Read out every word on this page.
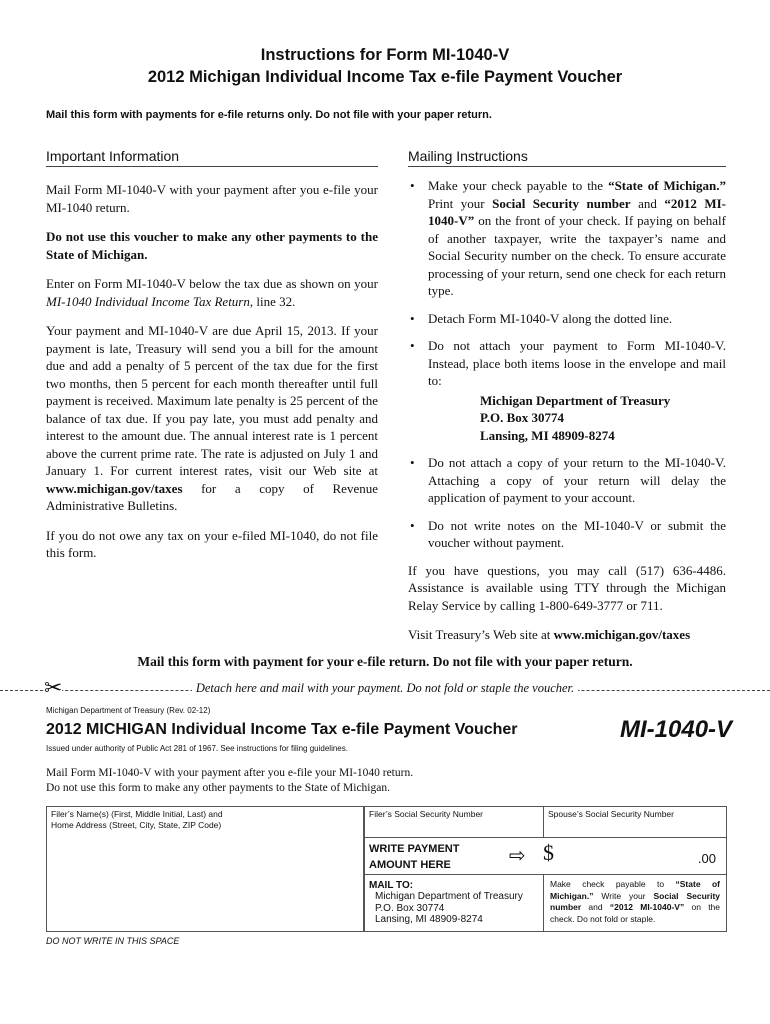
Instructions for Form MI-1040-V
2012 Michigan Individual Income Tax e-file Payment Voucher
Mail this form with payments for e-file returns only. Do not file with your paper return.
Important Information

Mail Form MI-1040-V with your payment after you e-file your MI-1040 return.

Do not use this voucher to make any other payments to the State of Michigan.

Enter on Form MI-1040-V below the tax due as shown on your MI-1040 Individual Income Tax Return, line 32.

Your payment and MI-1040-V are due April 15, 2013. If your payment is late, Treasury will send you a bill for the amount due and add a penalty of 5 percent of the tax due for the first two months, then 5 percent for each month thereafter until full payment is received. Maximum late penalty is 25 percent of the balance of tax due. If you pay late, you must add penalty and interest to the amount due. The annual interest rate is 1 percent above the current prime rate. The rate is adjusted on July 1 and January 1. For current interest rates, visit our Web site at www.michigan.gov/taxes for a copy of Revenue Administrative Bulletins.

If you do not owe any tax on your e-filed MI-1040, do not file this form.

Mailing Instructions
• Make your check payable to the “State of Michigan.” Print your Social Security number and “2012 MI-1040-V” on the front of your check. If paying on behalf of another taxpayer, write the taxpayer’s name and Social Security number on the check. To ensure accurate processing of your return, send one check for each return type.
• Detach Form MI-1040-V along the dotted line.
• Do not attach your payment to Form MI-1040-V. Instead, place both items loose in the envelope and mail to:
Michigan Department of Treasury
P.O. Box 30774
Lansing, MI 48909-8274
• Do not attach a copy of your return to the MI-1040-V. Attaching a copy of your return will delay the application of payment to your account.
• Do not write notes on the MI-1040-V or submit the voucher without payment.

If you have questions, you may call (517) 636-4486. Assistance is available using TTY through the Michigan Relay Service by calling 1-800-649-3777 or 711.

Visit Treasury’s Web site at www.michigan.gov/taxes

Mail this form with payment for your e-file return. Do not file with your paper return.
Detach here and mail with your payment. Do not fold or staple the voucher.
✂
Michigan Department of Treasury (Rev. 02-12)
2012 MICHIGAN Individual Income Tax e-file Payment Voucher	MI-1040-V
Issued under authority of Public Act 281 of 1967. See instructions for filing guidelines.
Mail Form MI-1040-V with your payment after you e-file your MI-1040 return.
Do not use this form to make any other payments to the State of Michigan.
Filer’s Name(s) (First, Middle Initial, Last) and
Home Address (Street, City, State, ZIP Code)
Filer’s Social Security Number	Spouse’s Social Security Number
WRITE PAYMENT
AMOUNT HERE	⇨ $	.00
MAIL TO:
Michigan Department of Treasury
P.O. Box 30774
Lansing, MI 48909-8274
Make check payable to “State of Michigan.” Write your Social Security number and “2012 MI-1040-V” on the check. Do not fold or staple.
DO NOT WRITE IN THIS SPACE
